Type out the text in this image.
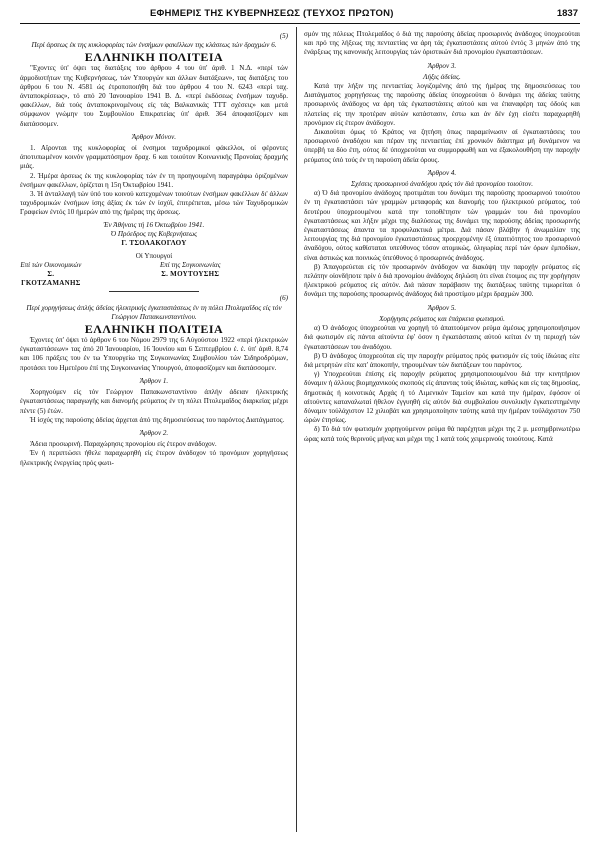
ΕΦΗΜΕΡΙΣ ΤΗΣ ΚΥΒΕΡΝΗΣΕΩΣ (ΤΕΥΧΟΣ ΠΡΩΤΟΝ)	1837

(5)

Περί άρσεως έκ της κυκλοφορίας τών ένσήμων φακέλλων της κλάσεως τών δραχμών 6.

ΕΛΛΗΝΙΚΗ ΠΟΛΙΤΕΙΑ

"Εχοντες ύπ' όψει τας διατάξεις του άρθρου 4 του ύπ' άριθ. 1 Ν.Δ. «περί τών άρμοδιοτήτων της Κυβερνήσεως, τών Υπουργών και άλλων διατάξεων», τας διατάξεις του άρθρου 6 του Ν. 4581 ώς έτροποποιήθη διά του άρθρου 4 του Ν. 6243 «περί ταχ. άνταποκρίσεως», τό από 20 Ίανουαρίου 1941 Β. Δ. «περί έκδόσεως ένσήμων ταχυδρ. φακέλλων, διά τούς άνταποκρινομένους είς τάς Βαλκανικάς ΤΤΤ σχέσεις» και μετά σύμφωνον γνώμην του Συμβουλίου Επικρατείας ύπ' άριθ. 364 άποφασίζομεν και διατάσσομεν.

Άρθρον Μόνον.

1. Αΐρονται της κυκλοφορίας οί ένσημοι ταχυδρομικοί φάκελλοι, οί φέροντες άποτυπωμένον κοινόν γραμματόσημον δραχ. 6 και τοιούτον Κοινωνικής Προνοίας δραχμής μιάς.

2. Ήμέρα άρσεως έκ της κυκλοφορίας τών έν τη προηγουμένη παραγράφω όριζομένων ένσήμων φακέλλων, όρίζεται η 15η Όκτωβρίου 1941.

3. Ή άνταλλαγή τών ύπό του κοινού κατεχομένων τοιούτων ένσήμων φακέλλων δι' άλλων ταχυδρομικών ένσήμων ίσης άξίας έκ τών έν ίσχύϊ, έπιτρέπεται, μέσω τών Ταχυδρομικών Γραφείων έντός 10 ήμερών από της ήμέρας της άρσεως.

Έν Άθήναις τή 16 Όκτωβρίου 1941.

Ό Πρόεδρος της Κυβερνήσεως

Γ. ΤΣΟΛΑΚΟΓΛΟΥ

Οί Υπουργοί

Επί τών Οικονομικών
Σ. ΓΚΟΤΖΑΜΑΝΗΣ
Επί της Συγκοινωνίας
Σ. ΜΟΥΤΟΥΣΗΣ

(6)

Περί χορηγήσεως άπλής άδείας ήλεκτρικής έγκαταστάσεως έν τη πόλει Πτολεμαΐδος είς τόν Γεώργιον Παπακωνσταντίνου.

ΕΛΛΗΝΙΚΗ ΠΟΛΙΤΕΙΑ

Έχοντες ύπ' όψει τό άρθρον 6 του Νόμου 2979 της 6 Αύγούστου 1922 «περί ήλεκτρικών έγκαταστάσεων» τας άπό 20 Ίανουαρίου, 16 Ίουνίου και 6 Σεπτεμβρίου έ. έ. ύπ' άριθ. 8,74 και 106 πράξεις του έν τω Υπουργείω της Συγκοινωνίας Συμβουλίου τών Σιδηροδρόμων, προτάσει του Ημετέρου έπί της Συγκοινωνίας Υπουργού, άποφασίζομεν και διατάσσομεν.

Άρθρον 1.

Χορηγούμεν είς τόν Γεώργιον Παπακωνσταντίνου άπλήν άδειαν ήλεκτρικής έγκαταστάσεως παραγωγής και διανομής ρεύματος έν τη πόλει Πτολεμαΐδος διαρκείας μέχρι πέντε (5) έτών.

Ή ίσχύς της παρούσης άδείας άρχεται άπό της δημοσιεύσεως του παρόντος Διατάγματος.

Άρθρον 2.

Άδεια προσωρινή. Παραχώρησις προνομίου είς έτερον ανάδοχον.

Έν ή περιπτώσει ήθελε παραχωρηθή είς έτερον άνάδοχον τό προνόμιον χορηγήσεως ήλεκτρικής ένεργείας πρός φωτι-

σμόν της πόλεως Πτολεμαΐδος ό διά της παρούσης άδείας προσωρινός άνάδοχος ύποχρεούται και πρό της λήξεως της πενταετίας να άρη τάς έγκαταστάσεις αύτού έντός 3 μηνών άπό της ένάρξεως της κανονικής λειτουργίας τών όριστικών διά προνομίου έγκαταστάσεων.

Άρθρον 3.

Λήξις άδείας.

Κατά την λήξιν της πενταετίας λογιζομένης άπό της ήμέρας της δημοσιεύσεως του Διατάγματος χορηγήσεως της παρούσης άδείας ύποχρεούται ό δυνάμει της άδείας ταύτης προσωρινός άνάδοχος να άρη τάς έγκαταστάσεις αύτού και να έπαναφέρη τας όδούς και πλατείας είς την προτέραν αύτών κατάστασιν, έστω και άν δέν έχη είσέτι παραχωρηθή προνόμιον είς έτερον άνάδοχον.

Δικαιούται όμως τό Κράτος να ζητήση όπως παραμείνωσιν αί έγκαταστάσεις του προσωρινού άναδόχου και πέραν της πενταετίας έπί χρονικόν διάστημα μή δυνάμενον να ύπερβή τα δύο έτη, ούτος δέ ύποχρεούται να συμμορφωθή και να έξακολουθήση την παροχήν ρεύματος ύπό τούς έν τη παρούση άδεία όρους.

Άρθρον 4.

Σχέσεις προσωρινού άναδόχου πρός τόν διά προνομίου τοιούτον.

α) Ό διά προνομίου άνάδοχος προτιμάται του δυνάμει της παρούσης προσωρινού τοιούτου έν τη έγκαταστάσει τών γραμμών μεταφοράς και διανομής του ήλεκτρικού ρεύματος, τού δευτέρου ύποχρεουμένου κατά την τοποθέτησιν τών γραμμών του διά προνομίου έγκαταστάσεως και λήξιν μέχρι της διαλύσεως της δυνάμει της παρούσης άδείας προσωρινής έγκαταστάσεως άπαντα τα προφυλακτικά μέτρα. Διά πάσαν βλάβην ή άνωμαλίαν της λειτουργίας της διά προνομίου έγκαταστάσεως προερχομένην έξ ύπαιτιότητος του προσωρινού άναδόχου, ούτος καθίσταται υπεύθυνος τόσον ατομικώς, όλιγωρίας περί τών όρων έμποδίων, είναι άστικώς και ποινικώς ύπεύθυνος ό προσωρινός άνάδοχος.

β) Άπαγορεύεται είς τόν προσωρινόν άνάδοχον να διακόψη την παροχήν ρεύματος είς πελάτην οίονδήποτε πρίν ό διά προνομίου άνάδοχος δηλώση ότι είναι έτοιμος εις την χορήγησιν ήλεκτρικού ρεύματος είς αύτόν. Διά πάσαν παράβασιν της διατάξεως ταύτης τιμωρείται ό δυνάμει της παρούσης προσωρινός άνάδοχος διά προστίμου μέχρι δραχμών 300.

Άρθρον 5.

Χορήγησις ρεύματος και έπάρκεια φωτισμού.

α) Ό άνάδοχος ύποχρεούται να χορηγή τό άπαιτούμενον ρεύμα άμέσως χρησιμοποιήσιμον διά φωτισμόν είς πάντα αίτούντα έφ' όσον η έγκατάστασις αύτού κείται έν τη περιοχή τών έγκαταστάσεων του άναδόχου.

β) Ό άνάδοχος ύποχρεούται είς την παροχήν ρεύματος πρός φωτισμόν είς τούς ίδιώτας είτε διά μετρητών είτε κατ' άποκοπήν, τηρουμένων τών διατάξεων του παρόντος.

γ) Υποχρεούται έπίσης είς παροχήν ρεύματος χρησιμοποιουμένου διά την κινητήριον δύναμιν ή άλλους βιομηχανικούς σκοπούς είς άπαντας τούς ίδιώτας, καθώς και είς τας δημοσίας, δημοτικάς ή κοινοτικάς Αρχάς ή τό Λιμενικόν Ταμείον και κατά την ήμέραν, έφόσον οί αίτούντες καταναλωταί ήθελον έγγυηθή είς αύτόν διά συμβολαίου συνολικήν έγκατεστημένην δύναμιν τούλάχιστον 12 χιλιοβάτ και χρησιμοποίησιν ταύτης κατά την ήμέραν τούλάχιστον 750 ώρών έτησίως.

δ) Τό διά τόν φωτισμόν χορηγούμενον ρεύμα θά παρέχηται μέχρι της 2 μ. μεσημβρινωτέρω ώρας κατά τούς θερινούς μήνας και μέχρι της 1 κατά τούς χειμερινούς τοιούτους. Κατά
